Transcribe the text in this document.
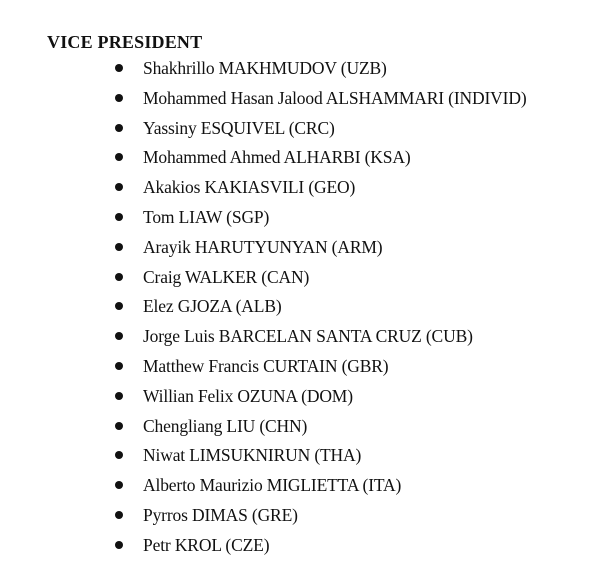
VICE PRESIDENT
Shakhrillo MAKHMUDOV (UZB)
Mohammed Hasan Jalood ALSHAMMARI (INDIVID)
Yassiny ESQUIVEL (CRC)
Mohammed Ahmed ALHARBI (KSA)
Akakios KAKIASVILI (GEO)
Tom LIAW (SGP)
Arayik HARUTYUNYAN (ARM)
Craig WALKER (CAN)
Elez GJOZA (ALB)
Jorge Luis BARCELAN SANTA CRUZ (CUB)
Matthew Francis CURTAIN (GBR)
Willian Felix OZUNA (DOM)
Chengliang LIU (CHN)
Niwat LIMSUKNIRUN (THA)
Alberto Maurizio MIGLIETTA (ITA)
Pyrros DIMAS (GRE)
Petr KROL (CZE)
